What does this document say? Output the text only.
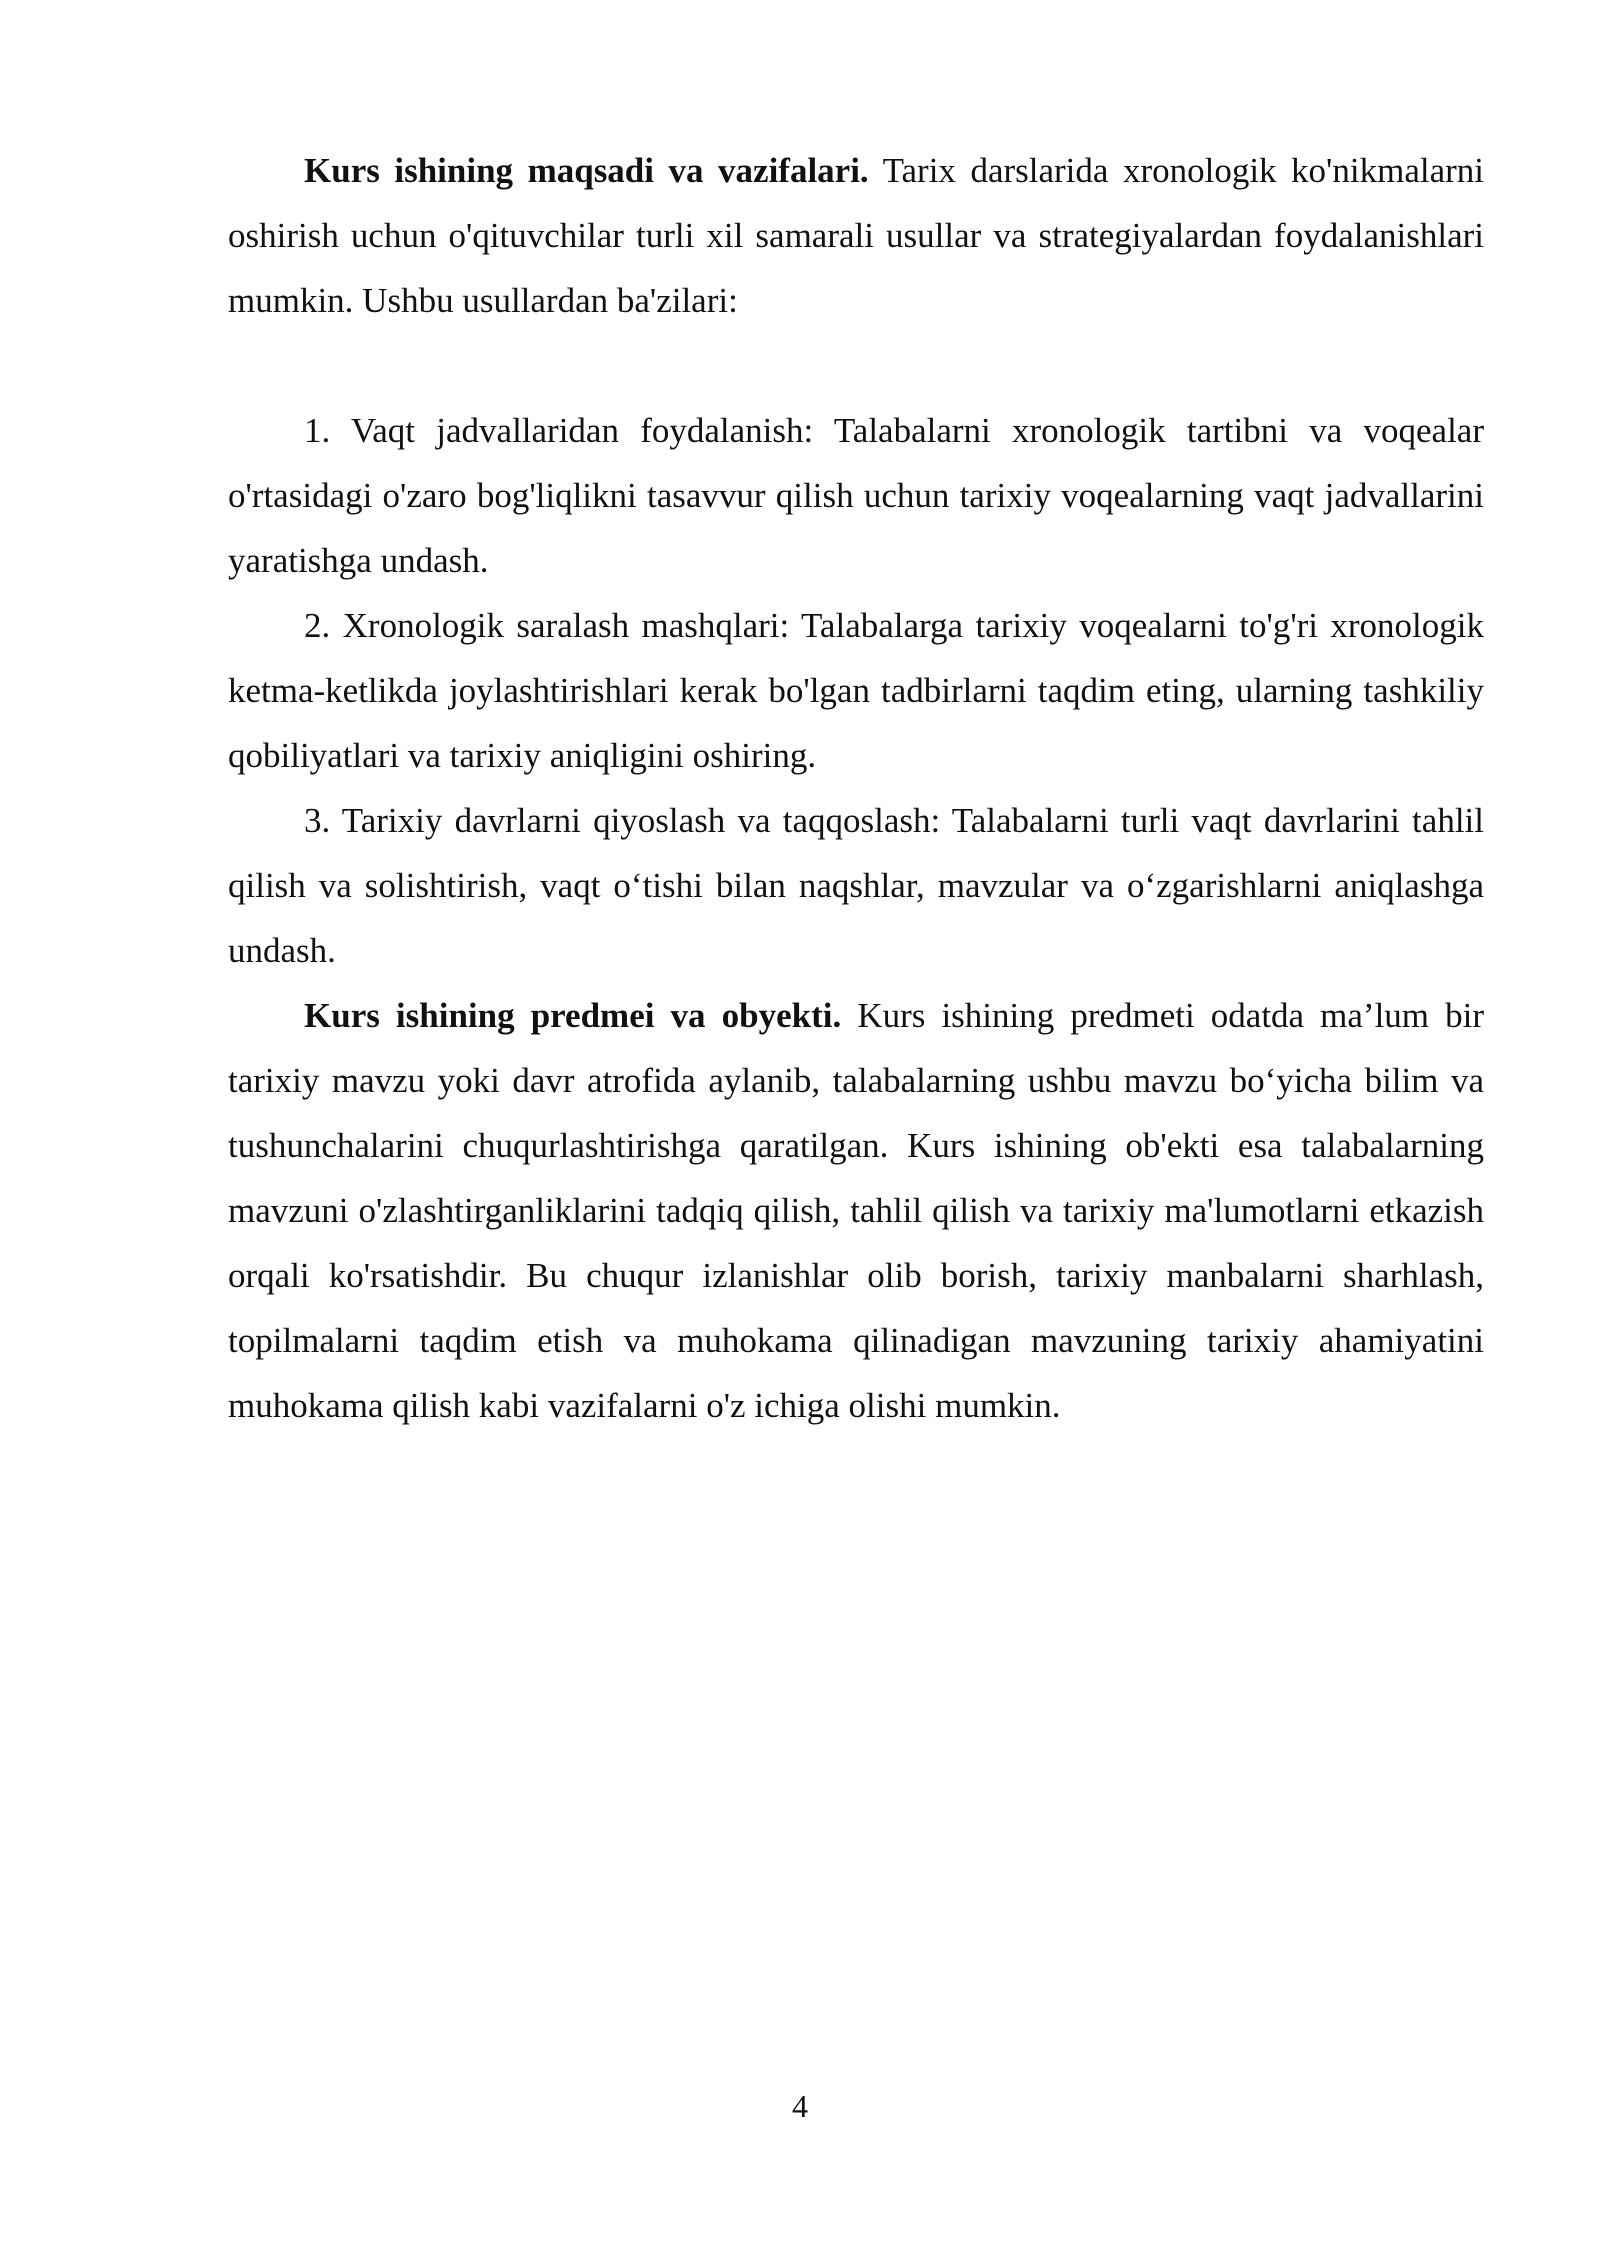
Kurs ishining maqsadi va vazifalari. Tarix darslarida xronologik ko'nikmalarni oshirish uchun o'qituvchilar turli xil samarali usullar va strategiyalardan foydalanishlari mumkin. Ushbu usullardan ba'zilari:

1. Vaqt jadvallaridan foydalanish: Talabalarni xronologik tartibni va voqealar o'rtasidagi o'zaro bog'liqlikni tasavvur qilish uchun tarixiy voqealarning vaqt jadvallarini yaratishga undash.

2. Xronologik saralash mashqlari: Talabalarga tarixiy voqealarni to'g'ri xronologik ketma-ketlikda joylashtirishlari kerak bo'lgan tadbirlarni taqdim eting, ularning tashkiliy qobiliyatlari va tarixiy aniqligini oshiring.

3. Tarixiy davrlarni qiyoslash va taqqoslash: Talabalarni turli vaqt davrlarini tahlil qilish va solishtirish, vaqt o‘tishi bilan naqshlar, mavzular va o‘zgarishlarni aniqlashga undash.

Kurs ishining predmei va obyekti. Kurs ishining predmeti odatda ma’lum bir tarixiy mavzu yoki davr atrofida aylanib, talabalarning ushbu mavzu bo‘yicha bilim va tushunchalarini chuqurlashtirishga qaratilgan. Kurs ishining ob'ekti esa talabalarning mavzuni o'zlashtirganliklarini tadqiq qilish, tahlil qilish va tarixiy ma'lumotlarni etkazish orqali ko'rsatishdir. Bu chuqur izlanishlar olib borish, tarixiy manbalarni sharhlash, topilmalarni taqdim etish va muhokama qilinadigan mavzuning tarixiy ahamiyatini muhokama qilish kabi vazifalarni o'z ichiga olishi mumkin.

4
